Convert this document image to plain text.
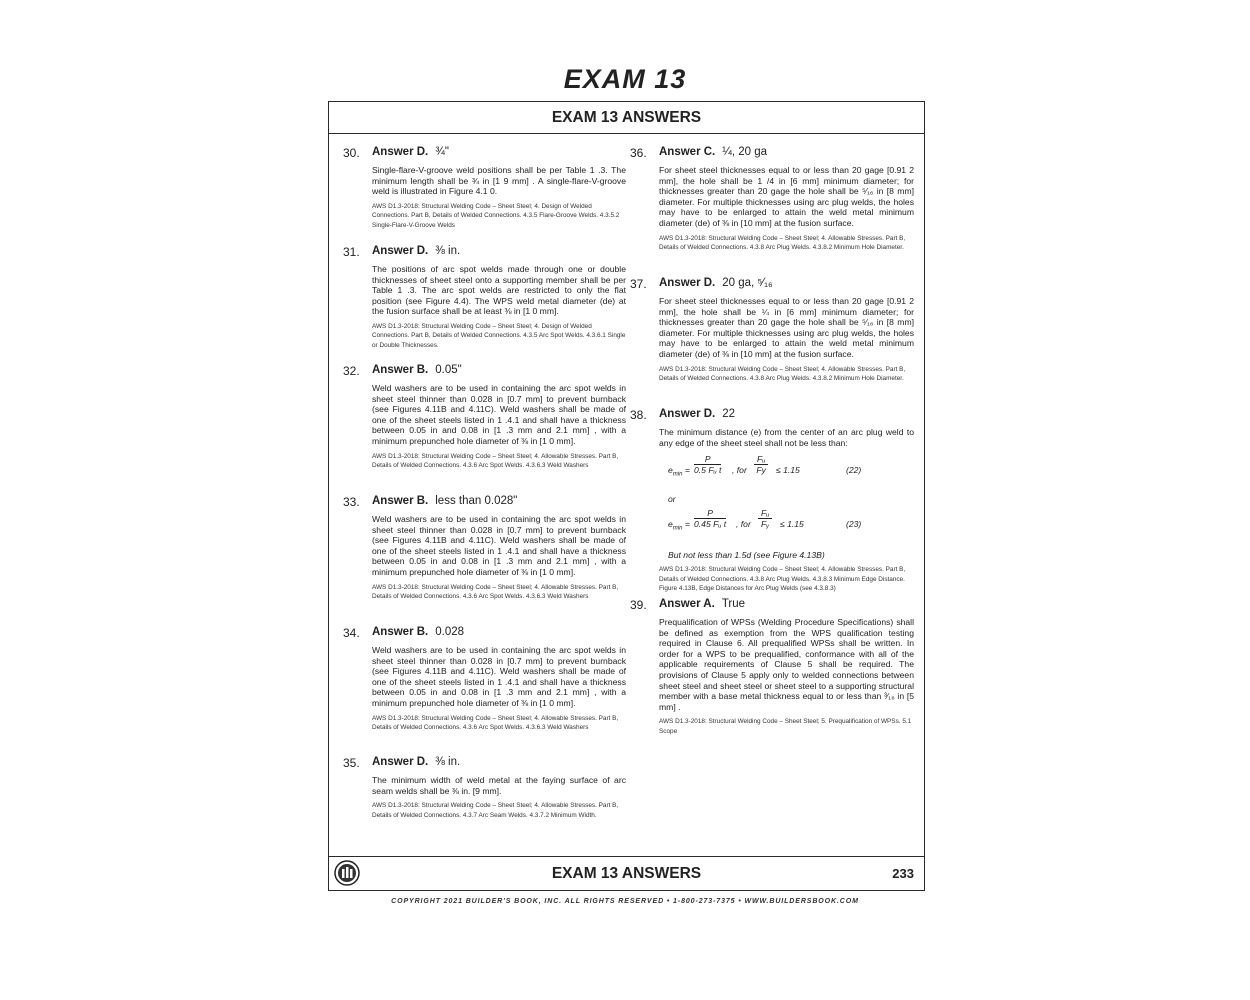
EXAM 13
EXAM 13 ANSWERS
30. Answer D. ¾"
Single-flare-V-groove weld positions shall be per Table 1 .3. The minimum length shall be ¾ in [1 9 mm] . A single-flare-V-groove weld is illustrated in Figure 4.1 0.
AWS D1.3-2018: Structural Welding Code – Sheet Steel; 4. Design of Welded Connections. Part B, Details of Welded Connections. 4.3.5 Flare-Groove Welds. 4.3.5.2 Single-Flare-V-Groove Welds
31. Answer D. ⅜ in.
The positions of arc spot welds made through one or double thicknesses of sheet steel onto a supporting member shall be per Table 1 .3. The arc spot welds are restricted to only the flat position (see Figure 4.4). The WPS weld metal diameter (de) at the fusion surface shall be at least ⅜ in [1 0 mm].
AWS D1.3-2018: Structural Welding Code – Sheet Steel; 4. Design of Welded Connections. Part B, Details of Welded Connections. 4.3.5 Arc Spot Welds. 4.3.6.1 Single or Double Thicknesses.
32. Answer B. 0.05"
Weld washers are to be used in containing the arc spot welds in sheet steel thinner than 0.028 in [0.7 mm] to prevent burnback (see Figures 4.11B and 4.11C). Weld washers shall be made of one of the sheet steels listed in 1 .4.1 and shall have a thickness between 0.05 in and 0.08 in [1 .3 mm and 2.1 mm] , with a minimum prepunched hole diameter of ⅜ in [1 0 mm].
AWS D1.3-2018: Structural Welding Code – Sheet Steel; 4. Allowable Stresses. Part B, Details of Welded Connections. 4.3.6 Arc Spot Welds. 4.3.6.3 Weld Washers
33. Answer B. less than 0.028"
Weld washers are to be used in containing the arc spot welds in sheet steel thinner than 0.028 in [0.7 mm] to prevent burnback (see Figures 4.11B and 4.11C). Weld washers shall be made of one of the sheet steels listed in 1 .4.1 and shall have a thickness between 0.05 in and 0.08 in [1 .3 mm and 2.1 mm] , with a minimum prepunched hole diameter of ⅜ in [1 0 mm].
AWS D1.3-2018: Structural Welding Code – Sheet Steel; 4. Allowable Stresses. Part B, Details of Welded Connections. 4.3.6 Arc Spot Welds. 4.3.6.3 Weld Washers
34. Answer B. 0.028
Weld washers are to be used in containing the arc spot welds in sheet steel thinner than 0.028 in [0.7 mm] to prevent burnback (see Figures 4.11B and 4.11C). Weld washers shall be made of one of the sheet steels listed in 1 .4.1 and shall have a thickness between 0.05 in and 0.08 in [1 .3 mm and 2.1 mm] , with a minimum prepunched hole diameter of ⅜ in [1 0 mm].
AWS D1.3-2018: Structural Welding Code – Sheet Steel; 4. Allowable Stresses. Part B, Details of Welded Connections. 4.3.6 Arc Spot Welds. 4.3.6.3 Weld Washers
35. Answer D. ⅜ in.
The minimum width of weld metal at the faying surface of arc seam welds shall be ⅜ in. [9 mm].
AWS D1.3-2018: Structural Welding Code – Sheet Steel; 4. Allowable Stresses. Part B, Details of Welded Connections. 4.3.7 Arc Seam Welds. 4.3.7.2 Minimum Width.
36. Answer C. ¼, 20 ga
For sheet steel thicknesses equal to or less than 20 gage [0.91 2 mm], the hole shall be 1 /4 in [6 mm] minimum diameter; for thicknesses greater than 20 gage the hole shall be ⁵⁄₁₆ in [8 mm] diameter. For multiple thicknesses using arc plug welds, the holes may have to be enlarged to attain the weld metal minimum diameter (de) of ⅜ in [10 mm] at the fusion surface.
AWS D1.3-2018: Structural Welding Code – Sheet Steel; 4. Allowable Stresses. Part B, Details of Welded Connections. 4.3.8 Arc Plug Welds. 4.3.8.2 Minimum Hole Diameter.
37. Answer D. 20 ga, ⁵⁄₁₆
For sheet steel thicknesses equal to or less than 20 gage [0.91 2 mm], the hole shall be ¼ in [6 mm] minimum diameter; for thicknesses greater than 20 gage the hole shall be ⁵⁄₁₆ in [8 mm] diameter. For multiple thicknesses using arc plug welds, the holes may have to be enlarged to attain the weld metal minimum diameter (de) of ⅜ in [10 mm] at the fusion surface.
AWS D1.3-2018: Structural Welding Code – Sheet Steel; 4. Allowable Stresses. Part B, Details of Welded Connections. 4.3.8 Arc Plug Welds. 4.3.8.2 Minimum Hole Diameter.
38. Answer D. 22
The minimum distance (e) from the center of an arc plug weld to any edge of the sheet steel shall not be less than:
$e_{min} = \frac{P}{\text{0.5 Fᵤ t}}$ , for $\frac{\text{Fᵤ}}{Fy} \le 1.15$	(22)
or
$e_{min} = \frac{P}{\text{0.45 Fᵤ t}}$ , for $\frac{\text{Fᵤ}}{\text{Fᵧ}} \le 1.15$	(23)
But not less than 1.5d (see Figure 4.13B)
AWS D1.3-2018: Structural Welding Code – Sheet Steel; 4. Allowable Stresses. Part B, Details of Welded Connections. 4.3.8 Arc Plug Welds. 4.3.8.3 Minimum Edge Distance. Figure 4.13B, Edge Distances for Arc Plug Welds (see 4.3.8.3)
39. Answer A. True
Prequalification of WPSs (Welding Procedure Specifications) shall be defined as exemption from the WPS qualification testing required in Clause 6. All prequalified WPSs shall be written. In order for a WPS to be prequalified, conformance with all of the applicable requirements of Clause 5 shall be required. The provisions of Clause 5 apply only to welded connections between sheet steel and sheet steel or sheet steel to a supporting structural member with a base metal thickness equal to or less than ³⁄₁₆ in [5 mm] .
AWS D1.3-2018: Structural Welding Code – Sheet Steel; 5. Prequalification of WPSs. 5.1 Scope
EXAM 13 ANSWERS	233
COPYRIGHT 2021 BUILDER'S BOOK, INC. ALL RIGHTS RESERVED • 1-800-273-7375 • WWW.BUILDERSBOOK.COM
